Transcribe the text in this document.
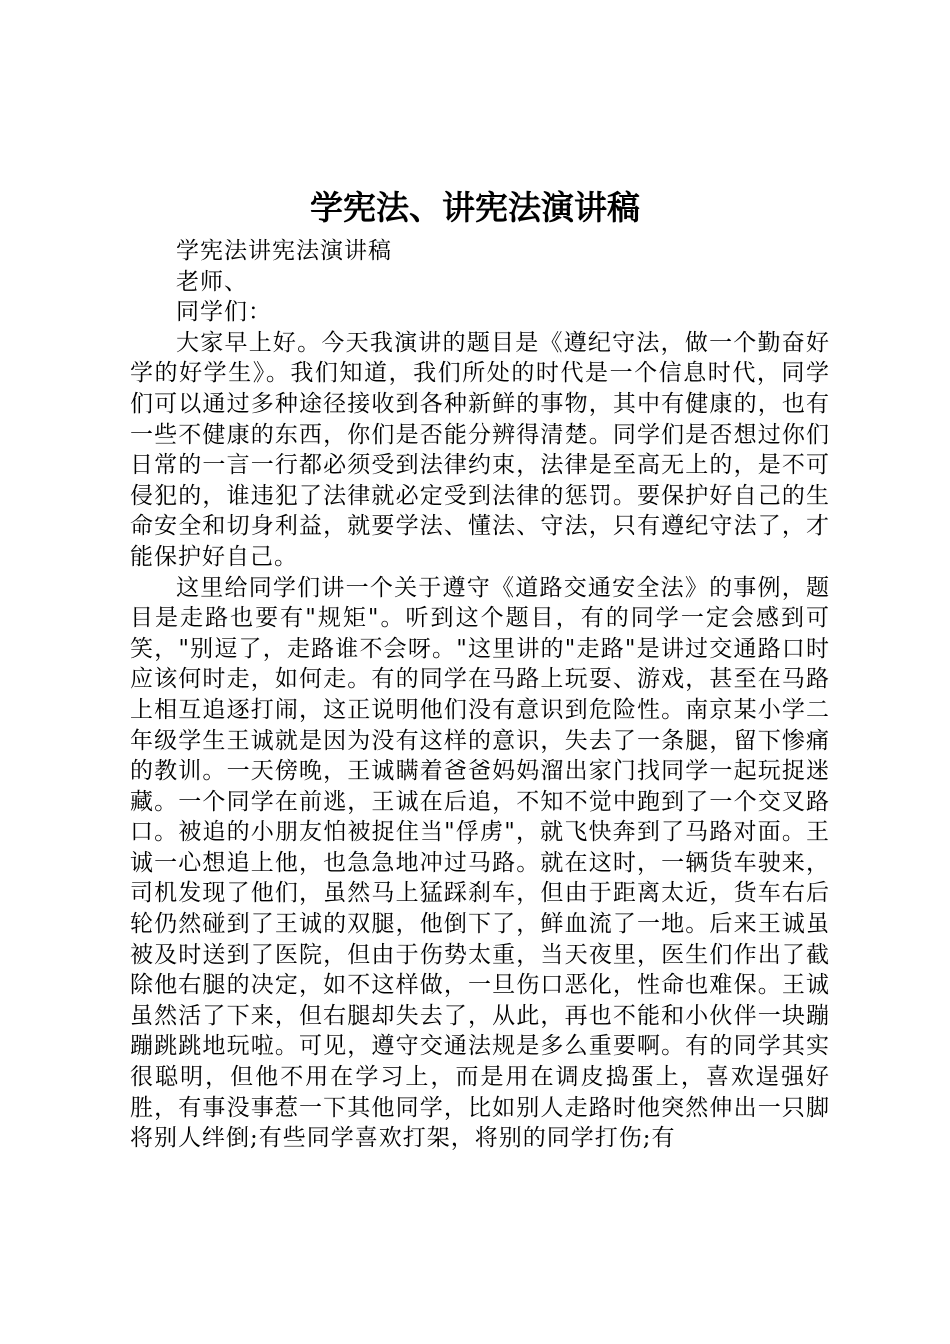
学宪法、讲宪法演讲稿

学宪法讲宪法演讲稿

老师、

同学们：

大家早上好。今天我演讲的题目是《遵纪守法，做一个勤奋好学的好学生》。我们知道，我们所处的时代是一个信息时代，同学们可以通过多种途径接收到各种新鲜的事物，其中有健康的，也有一些不健康的东西，你们是否能分辨得清楚。同学们是否想过你们日常的一言一行都必须受到法律约束，法律是至高无上的，是不可侵犯的，谁违犯了法律就必定受到法律的惩罚。要保护好自己的生命安全和切身利益，就要学法、懂法、守法，只有遵纪守法了，才能保护好自己。

这里给同学们讲一个关于遵守《道路交通安全法》的事例，题目是走路也要有"规矩"。听到这个题目，有的同学一定会感到可笑，"别逗了，走路谁不会呀。"这里讲的"走路"是讲过交通路口时应该何时走，如何走。有的同学在马路上玩耍、游戏，甚至在马路上相互追逐打闹，这正说明他们没有意识到危险性。南京某小学二年级学生王诚就是因为没有这样的意识，失去了一条腿，留下惨痛的教训。一天傍晚，王诚瞒着爸爸妈妈溜出家门找同学一起玩捉迷藏。一个同学在前逃，王诚在后追，不知不觉中跑到了一个交叉路口。被追的小朋友怕被捉住当"俘虏"，就飞快奔到了马路对面。王诚一心想追上他，也急急地冲过马路。就在这时，一辆货车驶来，司机发现了他们，虽然马上猛踩刹车，但由于距离太近，货车右后轮仍然碰到了王诚的双腿，他倒下了，鲜血流了一地。后来王诚虽被及时送到了医院，但由于伤势太重，当天夜里，医生们作出了截除他右腿的决定，如不这样做，一旦伤口恶化，性命也难保。王诚虽然活了下来，但右腿却失去了，从此，再也不能和小伙伴一块蹦蹦跳跳地玩啦。可见，遵守交通法规是多么重要啊。有的同学其实很聪明，但他不用在学习上，而是用在调皮捣蛋上，喜欢逞强好胜，有事没事惹一下其他同学，比如别人走路时他突然伸出一只脚将别人绊倒;有些同学喜欢打架，将别的同学打伤;有
